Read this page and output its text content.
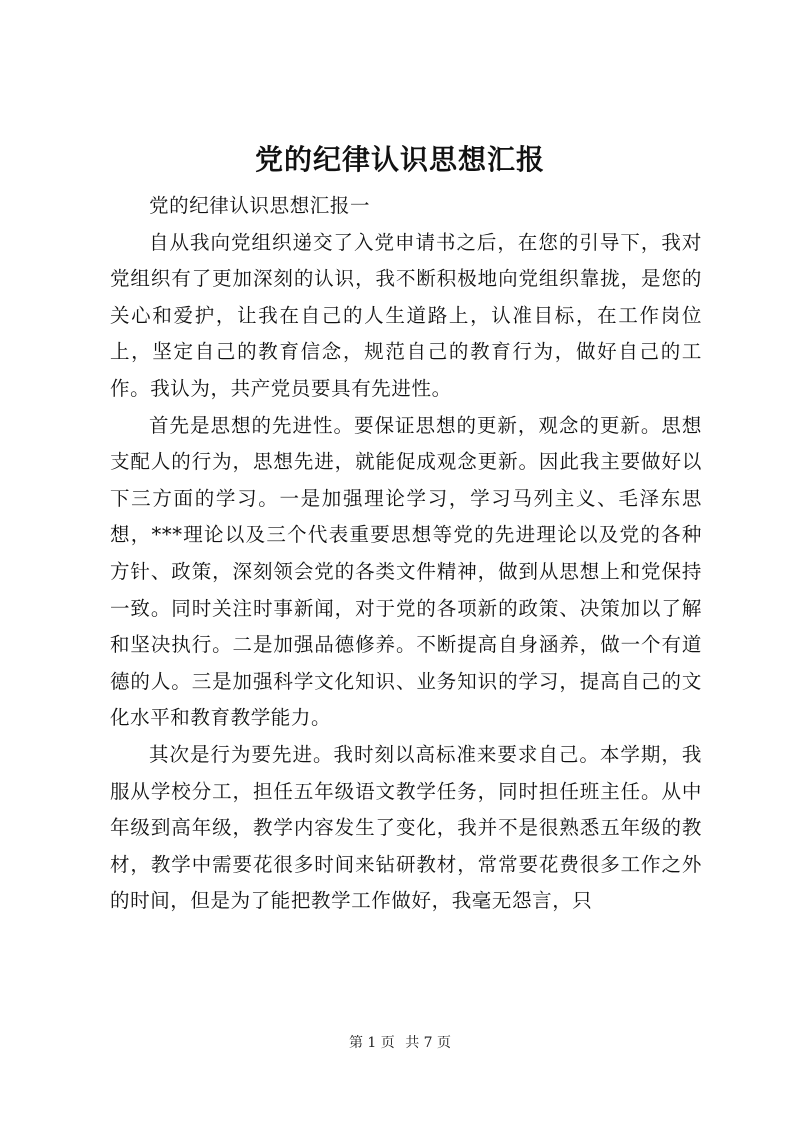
党的纪律认识思想汇报

党的纪律认识思想汇报一

自从我向党组织递交了入党申请书之后，在您的引导下，我对党组织有了更加深刻的认识，我不断积极地向党组织靠拢，是您的关心和爱护，让我在自己的人生道路上，认准目标，在工作岗位上，坚定自己的教育信念，规范自己的教育行为，做好自己的工作。我认为，共产党员要具有先进性。

首先是思想的先进性。要保证思想的更新，观念的更新。思想支配人的行为，思想先进，就能促成观念更新。因此我主要做好以下三方面的学习。一是加强理论学习，学习马列主义、毛泽东思想，***理论以及三个代表重要思想等党的先进理论以及党的各种方针、政策，深刻领会党的各类文件精神，做到从思想上和党保持一致。同时关注时事新闻，对于党的各项新的政策、决策加以了解和坚决执行。二是加强品德修养。不断提高自身涵养，做一个有道德的人。三是加强科学文化知识、业务知识的学习，提高自己的文化水平和教育教学能力。

其次是行为要先进。我时刻以高标准来要求自己。本学期，我服从学校分工，担任五年级语文教学任务，同时担任班主任。从中年级到高年级，教学内容发生了变化，我并不是很熟悉五年级的教材，教学中需要花很多时间来钻研教材，常常要花费很多工作之外的时间，但是为了能把教学工作做好，我毫无怨言，只

第 1 页 共 7 页
